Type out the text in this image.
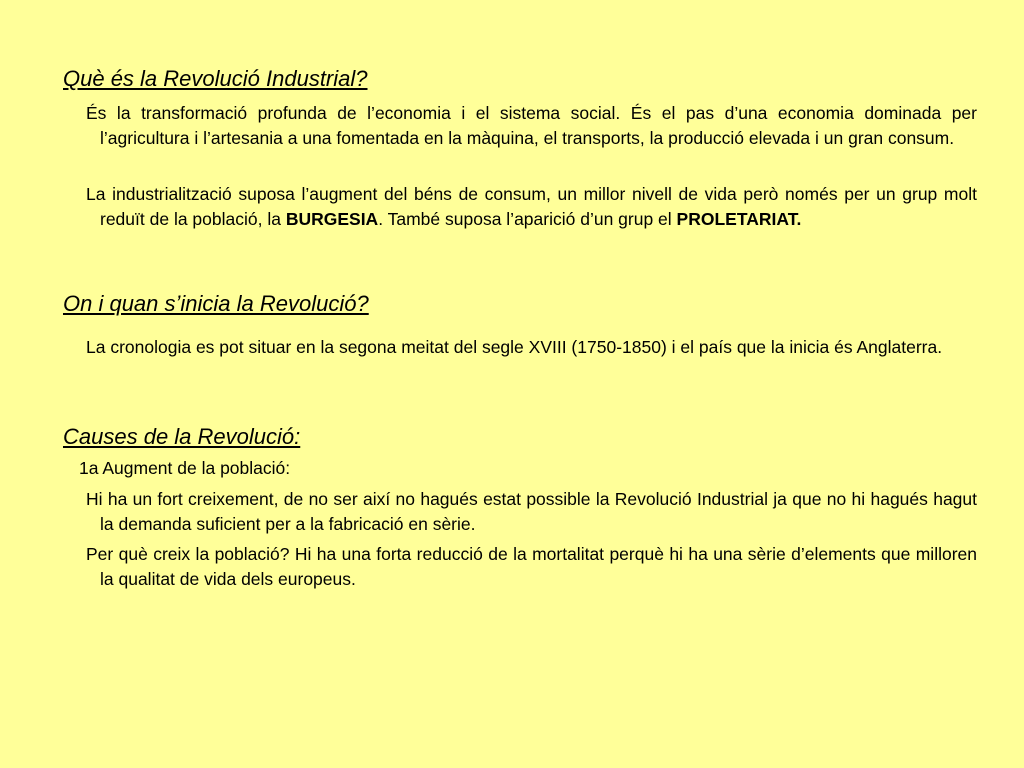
Què és la Revolució Industrial?

És la transformació profunda de l’economia i el sistema social. És el pas d’una economia dominada per l’agricultura i l’artesania a una fomentada en la màquina, el transports, la producció elevada i un gran consum.

La industrialització suposa l’augment del béns de consum, un millor nivell de vida però només per un grup molt reduït de la població, la BURGESIA. També suposa l’aparició d’un grup el PROLETARIAT.

On i quan s’inicia la Revolució?

La cronologia es pot situar en la segona meitat del segle XVIII (1750-1850) i el país que la inicia és Anglaterra.

Causes de la Revolució:

1a Augment de la població:

Hi ha un fort creixement, de no ser així no hagués estat possible la Revolució Industrial ja que no hi hagués hagut la demanda suficient per a la fabricació en sèrie.

Per què creix la població? Hi ha una forta reducció de la mortalitat perquè hi ha una sèrie d’elements que milloren la qualitat de vida dels europeus.
